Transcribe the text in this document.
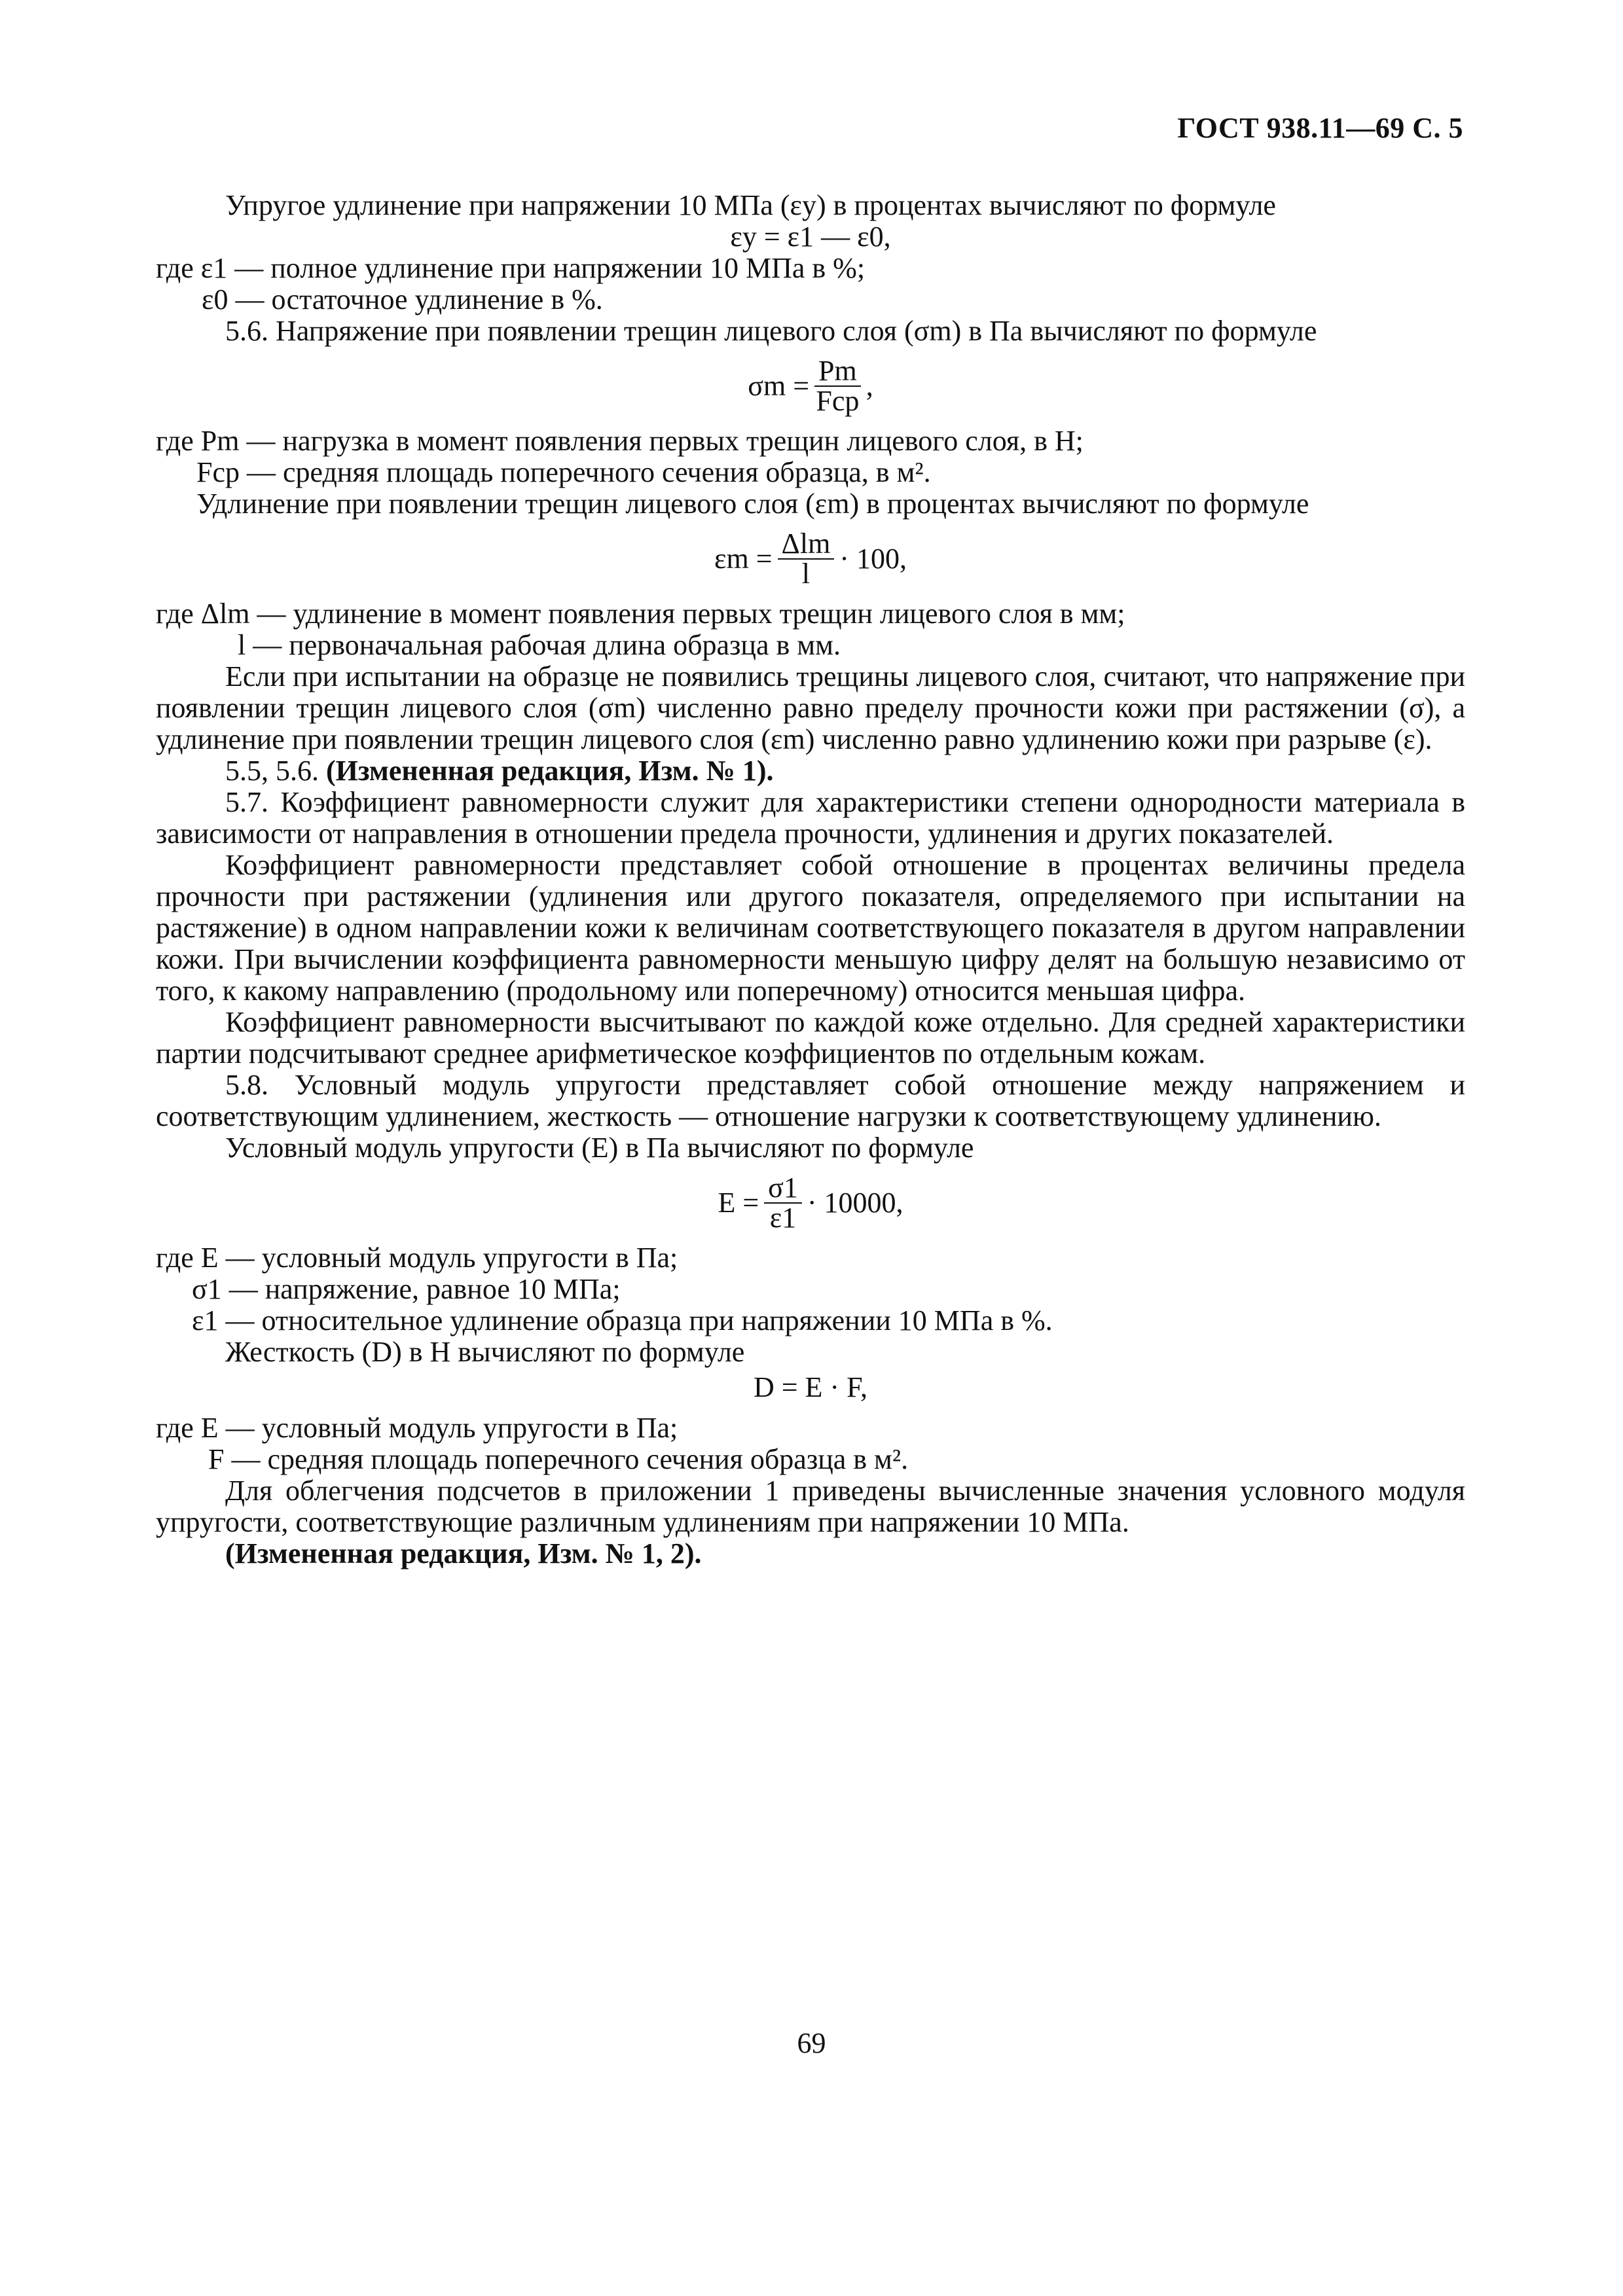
ГОСТ 938.11—69 С. 5

Упругое удлинение при напряжении 10 МПа (εу) в процентах вычисляют по формуле

εу = ε1 — ε0,

где ε1 — полное удлинение при напряжении 10 МПа в %;

ε0 — остаточное удлинение в %.

5.6. Напряжение при появлении трещин лицевого слоя (σm) в Па вычисляют по формуле

$\sigma m = \frac{Pm}{\text{Fср}}$ ,

где Pm — нагрузка в момент появления первых трещин лицевого слоя, в Н;

Fср — средняя площадь поперечного сечения образца, в м².

Удлинение при появлении трещин лицевого слоя (εm) в процентах вычисляют по формуле

$\varepsilon m = \frac{\text{Δlm}}{l} \cdot 100$,

где Δlm — удлинение в момент появления первых трещин лицевого слоя в мм;

l — первоначальная рабочая длина образца в мм.

Если при испытании на образце не появились трещины лицевого слоя, считают, что напряжение при появлении трещин лицевого слоя (σm) численно равно пределу прочности кожи при растяжении (σ), а удлинение при появлении трещин лицевого слоя (εm) численно равно удлинению кожи при разрыве (ε).

5.5, 5.6. (Измененная редакция, Изм. № 1).

5.7. Коэффициент равномерности служит для характеристики степени однородности материала в зависимости от направления в отношении предела прочности, удлинения и других показателей.

Коэффициент равномерности представляет собой отношение в процентах величины предела прочности при растяжении (удлинения или другого показателя, определяемого при испытании на растяжение) в одном направлении кожи к величинам соответствующего показателя в другом направлении кожи. При вычислении коэффициента равномерности меньшую цифру делят на большую независимо от того, к какому направлению (продольному или поперечному) относится меньшая цифра.

Коэффициент равномерности высчитывают по каждой коже отдельно. Для средней характеристики партии подсчитывают среднее арифметическое коэффициентов по отдельным кожам.

5.8. Условный модуль упругости представляет собой отношение между напряжением и соответствующим удлинением, жесткость — отношение нагрузки к соответствующему удлинению.

Условный модуль упругости (E) в Па вычисляют по формуле

$E = \frac{\sigma 1}{\varepsilon 1} \cdot 10000$,

где E — условный модуль упругости в Па;

σ1 — напряжение, равное 10 МПа;

ε1 — относительное удлинение образца при напряжении 10 МПа в %.

Жесткость (D) в Н вычисляют по формуле

D = E · F,

где E — условный модуль упругости в Па;

F — средняя площадь поперечного сечения образца в м².

Для облегчения подсчетов в приложении 1 приведены вычисленные значения условного модуля упругости, соответствующие различным удлинениям при напряжении 10 МПа.

(Измененная редакция, Изм. № 1, 2).

69
